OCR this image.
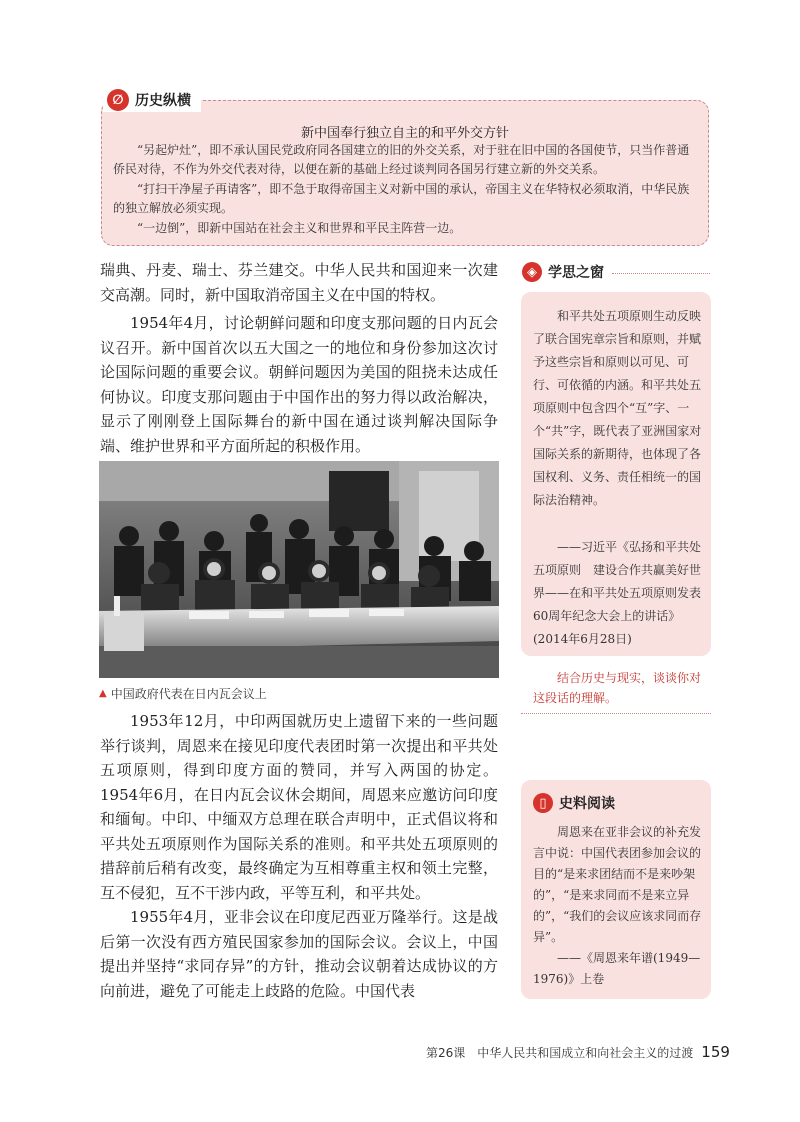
∅ 历史纵横
新中国奉行独立自主的和平外交方针

“另起炉灶”，即不承认国民党政府同各国建立的旧的外交关系，对于驻在旧中国的各国使节，只当作普通侨民对待，不作为外交代表对待，以便在新的基础上经过谈判同各国另行建立新的外交关系。

“打扫干净屋子再请客”，即不急于取得帝国主义对新中国的承认，帝国主义在华特权必须取消，中华民族的独立解放必须实现。

“一边倒”，即新中国站在社会主义和世界和平民主阵营一边。

瑞典、丹麦、瑞士、芬兰建交。中华人民共和国迎来一次建交高潮。同时，新中国取消帝国主义在中国的特权。

1954年4月，讨论朝鲜问题和印度支那问题的日内瓦会议召开。新中国首次以五大国之一的地位和身份参加这次讨论国际问题的重要会议。朝鲜问题因为美国的阻挠未达成任何协议。印度支那问题由于中国作出的努力得以政治解决，显示了刚刚登上国际舞台的新中国在通过谈判解决国际争端、维护世界和平方面所起的积极作用。

▲ 中国政府代表在日内瓦会议上

1953年12月，中印两国就历史上遗留下来的一些问题举行谈判，周恩来在接见印度代表团时第一次提出和平共处五项原则，得到印度方面的赞同，并写入两国的协定。1954年6月，在日内瓦会议休会期间，周恩来应邀访问印度和缅甸。中印、中缅双方总理在联合声明中，正式倡议将和平共处五项原则作为国际关系的准则。和平共处五项原则的措辞前后稍有改变，最终确定为互相尊重主权和领土完整，互不侵犯，互不干涉内政，平等互利，和平共处。

1955年4月，亚非会议在印度尼西亚万隆举行。这是战后第一次没有西方殖民国家参加的国际会议。会议上，中国提出并坚持“求同存异”的方针，推动会议朝着达成协议的方向前进，避免了可能走上歧路的危险。中国代表

◈ 学思之窗

和平共处五项原则生动反映了联合国宪章宗旨和原则，并赋予这些宗旨和原则以可见、可行、可依循的内涵。和平共处五项原则中包含四个“互”字、一个“共”字，既代表了亚洲国家对国际关系的新期待，也体现了各国权利、义务、责任相统一的国际法治精神。

——习近平《弘扬和平共处五项原则　建设合作共赢美好世界——在和平共处五项原则发表60周年纪念大会上的讲话》(2014年6月28日)

结合历史与现实，谈谈你对这段话的理解。

▯ 史料阅读

周恩来在亚非会议的补充发言中说：中国代表团参加会议的目的“是来求团结而不是来吵架的”，“是来求同而不是来立异的”，“我们的会议应该求同而存异”。

——《周恩来年谱(1949—1976)》上卷

第26课　中华人民共和国成立和向社会主义的过渡 159
